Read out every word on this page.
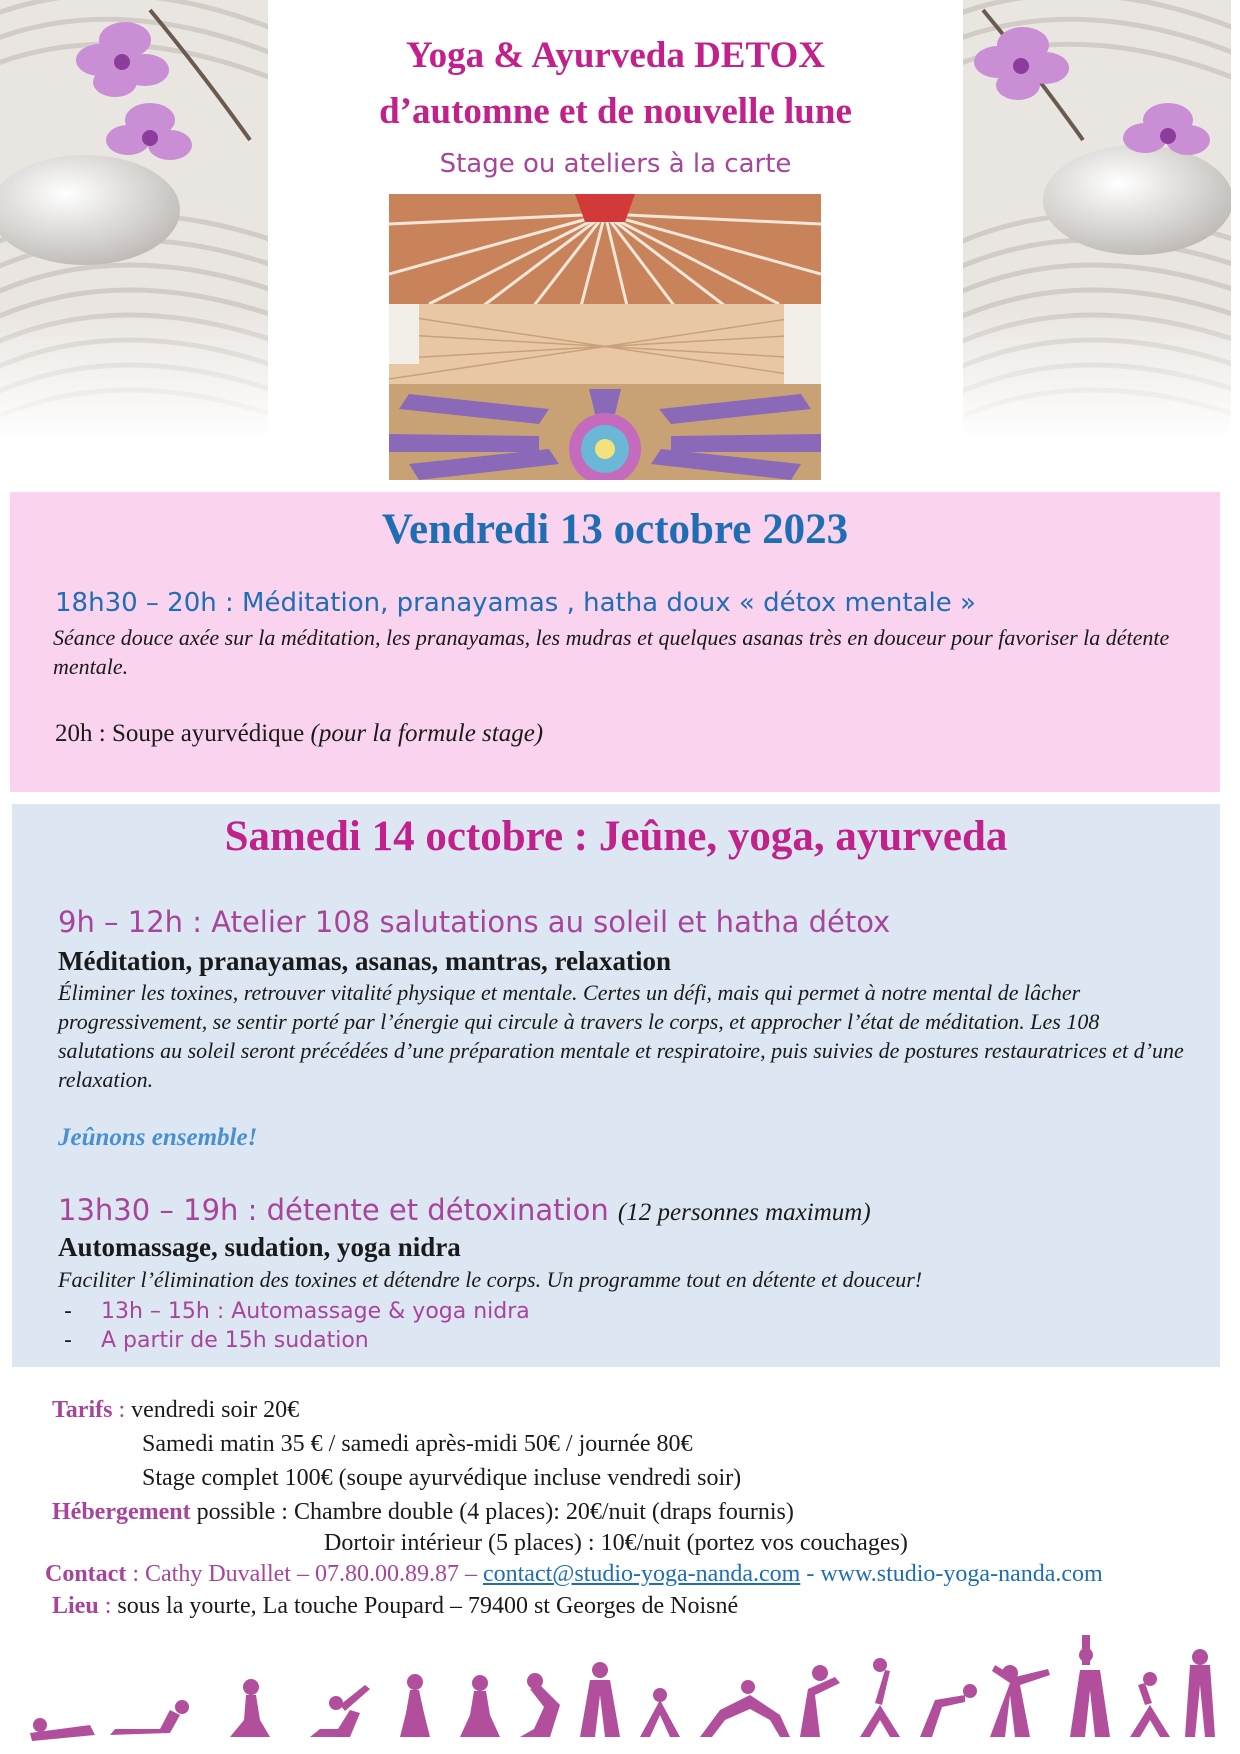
Yoga & Ayurveda DETOX
d’automne et de nouvelle lune
Stage ou ateliers à la carte
Vendredi 13 octobre 2023
18h30 – 20h : Méditation, pranayamas , hatha doux « détox mentale »
Séance douce axée sur la méditation, les pranayamas, les mudras et quelques asanas très en douceur pour favoriser la détente mentale.
20h : Soupe ayurvédique (pour la formule stage)
Samedi 14 octobre : Jeûne, yoga, ayurveda
9h – 12h : Atelier 108 salutations au soleil et hatha détox
Méditation, pranayamas, asanas, mantras, relaxation
Éliminer les toxines, retrouver vitalité physique et mentale. Certes un défi, mais qui permet à notre mental de lâcher progressivement, se sentir porté par l’énergie qui circule à travers le corps, et approcher l’état de méditation. Les 108 salutations au soleil seront précédées d’une préparation mentale et respiratoire, puis suivies de postures restauratrices et d’une relaxation.
Jeûnons ensemble!
13h30 – 19h : détente et détoxination (12 personnes maximum)
Automassage, sudation, yoga nidra
Faciliter l’élimination des toxines et détendre le corps. Un programme tout en détente et douceur!
- 13h – 15h : Automassage & yoga nidra
- A partir de 15h sudation
Tarifs : vendredi soir 20€
Samedi matin 35 € / samedi après-midi 50€ / journée 80€
Stage complet 100€ (soupe ayurvédique incluse vendredi soir)
Hébergement possible : Chambre double (4 places): 20€/nuit (draps fournis)
Dortoir intérieur (5 places) : 10€/nuit (portez vos couchages)
Contact : Cathy Duvallet – 07.80.00.89.87 – contact@studio-yoga-nanda.com - www.studio-yoga-nanda.com
Lieu : sous la yourte, La touche Poupard – 79400 st Georges de Noisné
